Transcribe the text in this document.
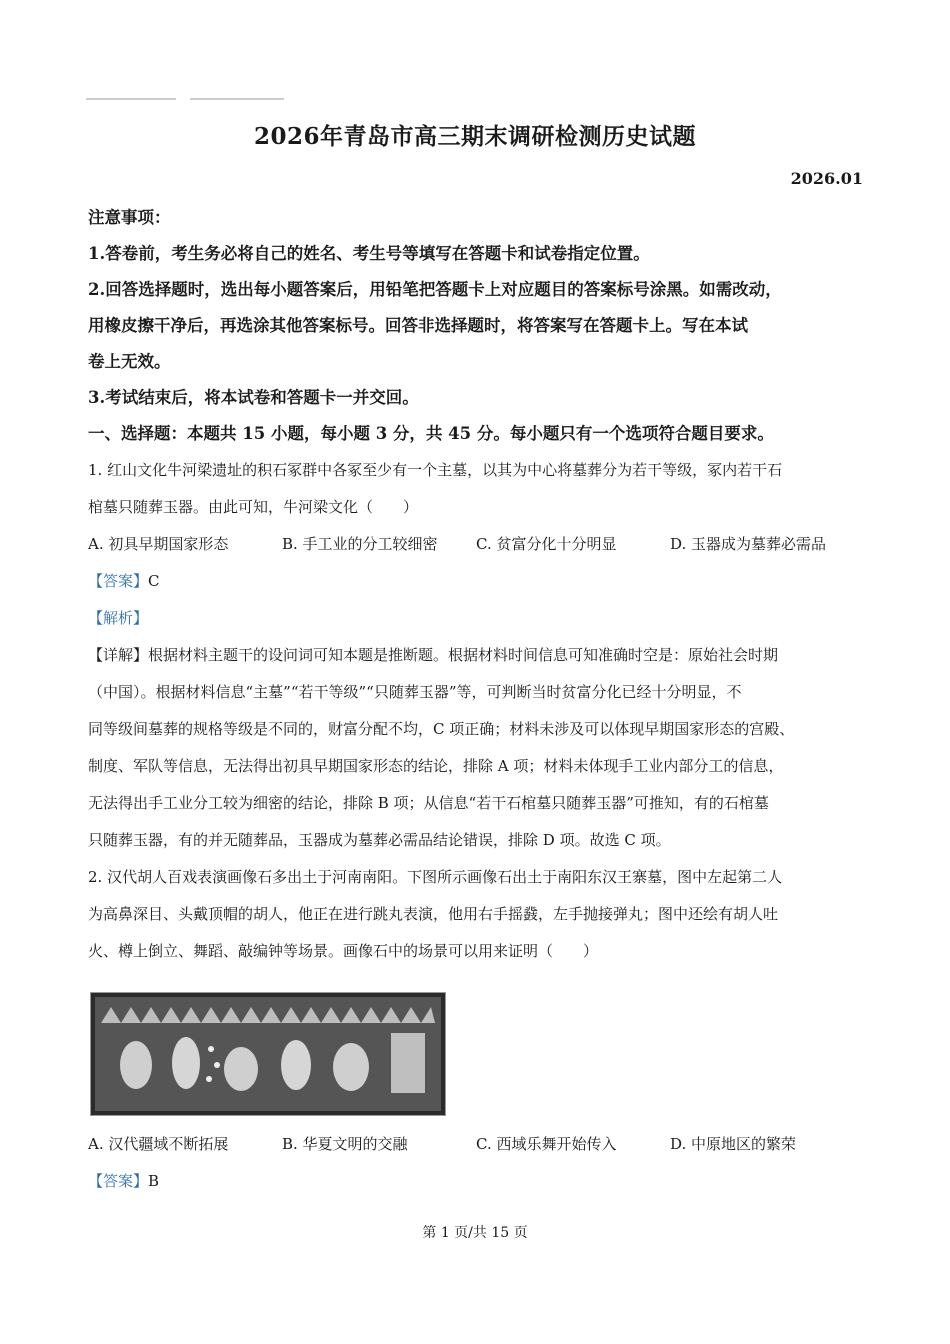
2026年青岛市高三期末调研检测历史试题
2026.01
注意事项：
1.答卷前，考生务必将自己的姓名、考生号等填写在答题卡和试卷指定位置。
2.回答选择题时，选出每小题答案后，用铅笔把答题卡上对应题目的答案标号涂黑。如需改动，
用橡皮擦干净后，再选涂其他答案标号。回答非选择题时，将答案写在答题卡上。写在本试
卷上无效。
3.考试结束后，将本试卷和答题卡一并交回。
一、选择题：本题共 15 小题，每小题 3 分，共 45 分。每小题只有一个选项符合题目要求。
1. 红山文化牛河梁遗址的积石冢群中各冢至少有一个主墓，以其为中心将墓葬分为若干等级，冢内若干石
棺墓只随葬玉器。由此可知，牛河梁文化（　　）
A. 初具早期国家形态	B. 手工业的分工较细密	C. 贫富分化十分明显	D. 玉器成为墓葬必需品
【答案】C
【解析】
【详解】根据材料主题干的设问词可知本题是推断题。根据材料时间信息可知准确时空是：原始社会时期
（中国）。根据材料信息“主墓”“若干等级”“只随葬玉器”等，可判断当时贫富分化已经十分明显，不
同等级间墓葬的规格等级是不同的，财富分配不均，C 项正确；材料未涉及可以体现早期国家形态的宫殿、
制度、军队等信息，无法得出初具早期国家形态的结论，排除 A 项；材料未体现手工业内部分工的信息，
无法得出手工业分工较为细密的结论，排除 B 项；从信息“若干石棺墓只随葬玉器”可推知，有的石棺墓
只随葬玉器，有的并无随葬品，玉器成为墓葬必需品结论错误，排除 D 项。故选 C 项。
2. 汉代胡人百戏表演画像石多出土于河南南阳。下图所示画像石出土于南阳东汉王寨墓，图中左起第二人
为高鼻深目、头戴顶帽的胡人，他正在进行跳丸表演，他用右手摇鼗，左手抛接弹丸；图中还绘有胡人吐
火、樽上倒立、舞蹈、敲编钟等场景。画像石中的场景可以用来证明（　　）
A. 汉代疆域不断拓展	B. 华夏文明的交融	C. 西域乐舞开始传入	D. 中原地区的繁荣
【答案】B
第 1 页/共 15 页
